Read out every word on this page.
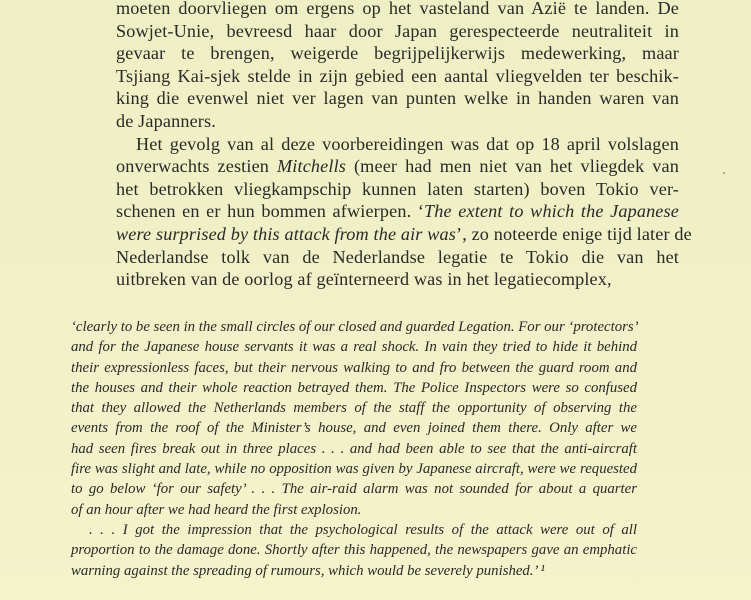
moeten doorvliegen om ergens op het vasteland van Azië te landen. De
Sowjet-Unie, bevreesd haar door Japan gerespecteerde neutraliteit in
gevaar te brengen, weigerde begrijpelijkerwijs medewerking, maar
Tsjiang Kai-sjek stelde in zijn gebied een aantal vliegvelden ter beschik-
king die evenwel niet ver lagen van punten welke in handen waren van
de Japanners.

Het gevolg van al deze voorbereidingen was dat op 18 april volslagen
onverwachts zestien Mitchells (meer had men niet van het vliegdek van
het betrokken vliegkampschip kunnen laten starten) boven Tokio ver-
schenen en er hun bommen afwierpen. ‘The extent to which the Japanese
were surprised by this attack from the air was’, zo noteerde enige tijd later de
Nederlandse tolk van de Nederlandse legatie te Tokio die van het
uitbreken van de oorlog af geïnterneerd was in het legatiecomplex,

‘clearly to be seen in the small circles of our closed and guarded Legation. For our ‘protectors’
and for the Japanese house servants it was a real shock. In vain they tried to hide it behind
their expressionless faces, but their nervous walking to and fro between the guard room and
the houses and their whole reaction betrayed them. The Police Inspectors were so confused
that they allowed the Netherlands members of the staff the opportunity of observing the
events from the roof of the Minister’s house, and even joined them there. Only after we
had seen fires break out in three places . . . and had been able to see that the anti-aircraft
fire was slight and late, while no opposition was given by Japanese aircraft, were we requested
to go below ‘for our safety’ . . . The air-raid alarm was not sounded for about a quarter
of an hour after we had heard the first explosion.
. . . I got the impression that the psychological results of the attack were out of all
proportion to the damage done. Shortly after this happened, the newspapers gave an emphatic
warning against the spreading of rumours, which would be severely punished.’ ¹
